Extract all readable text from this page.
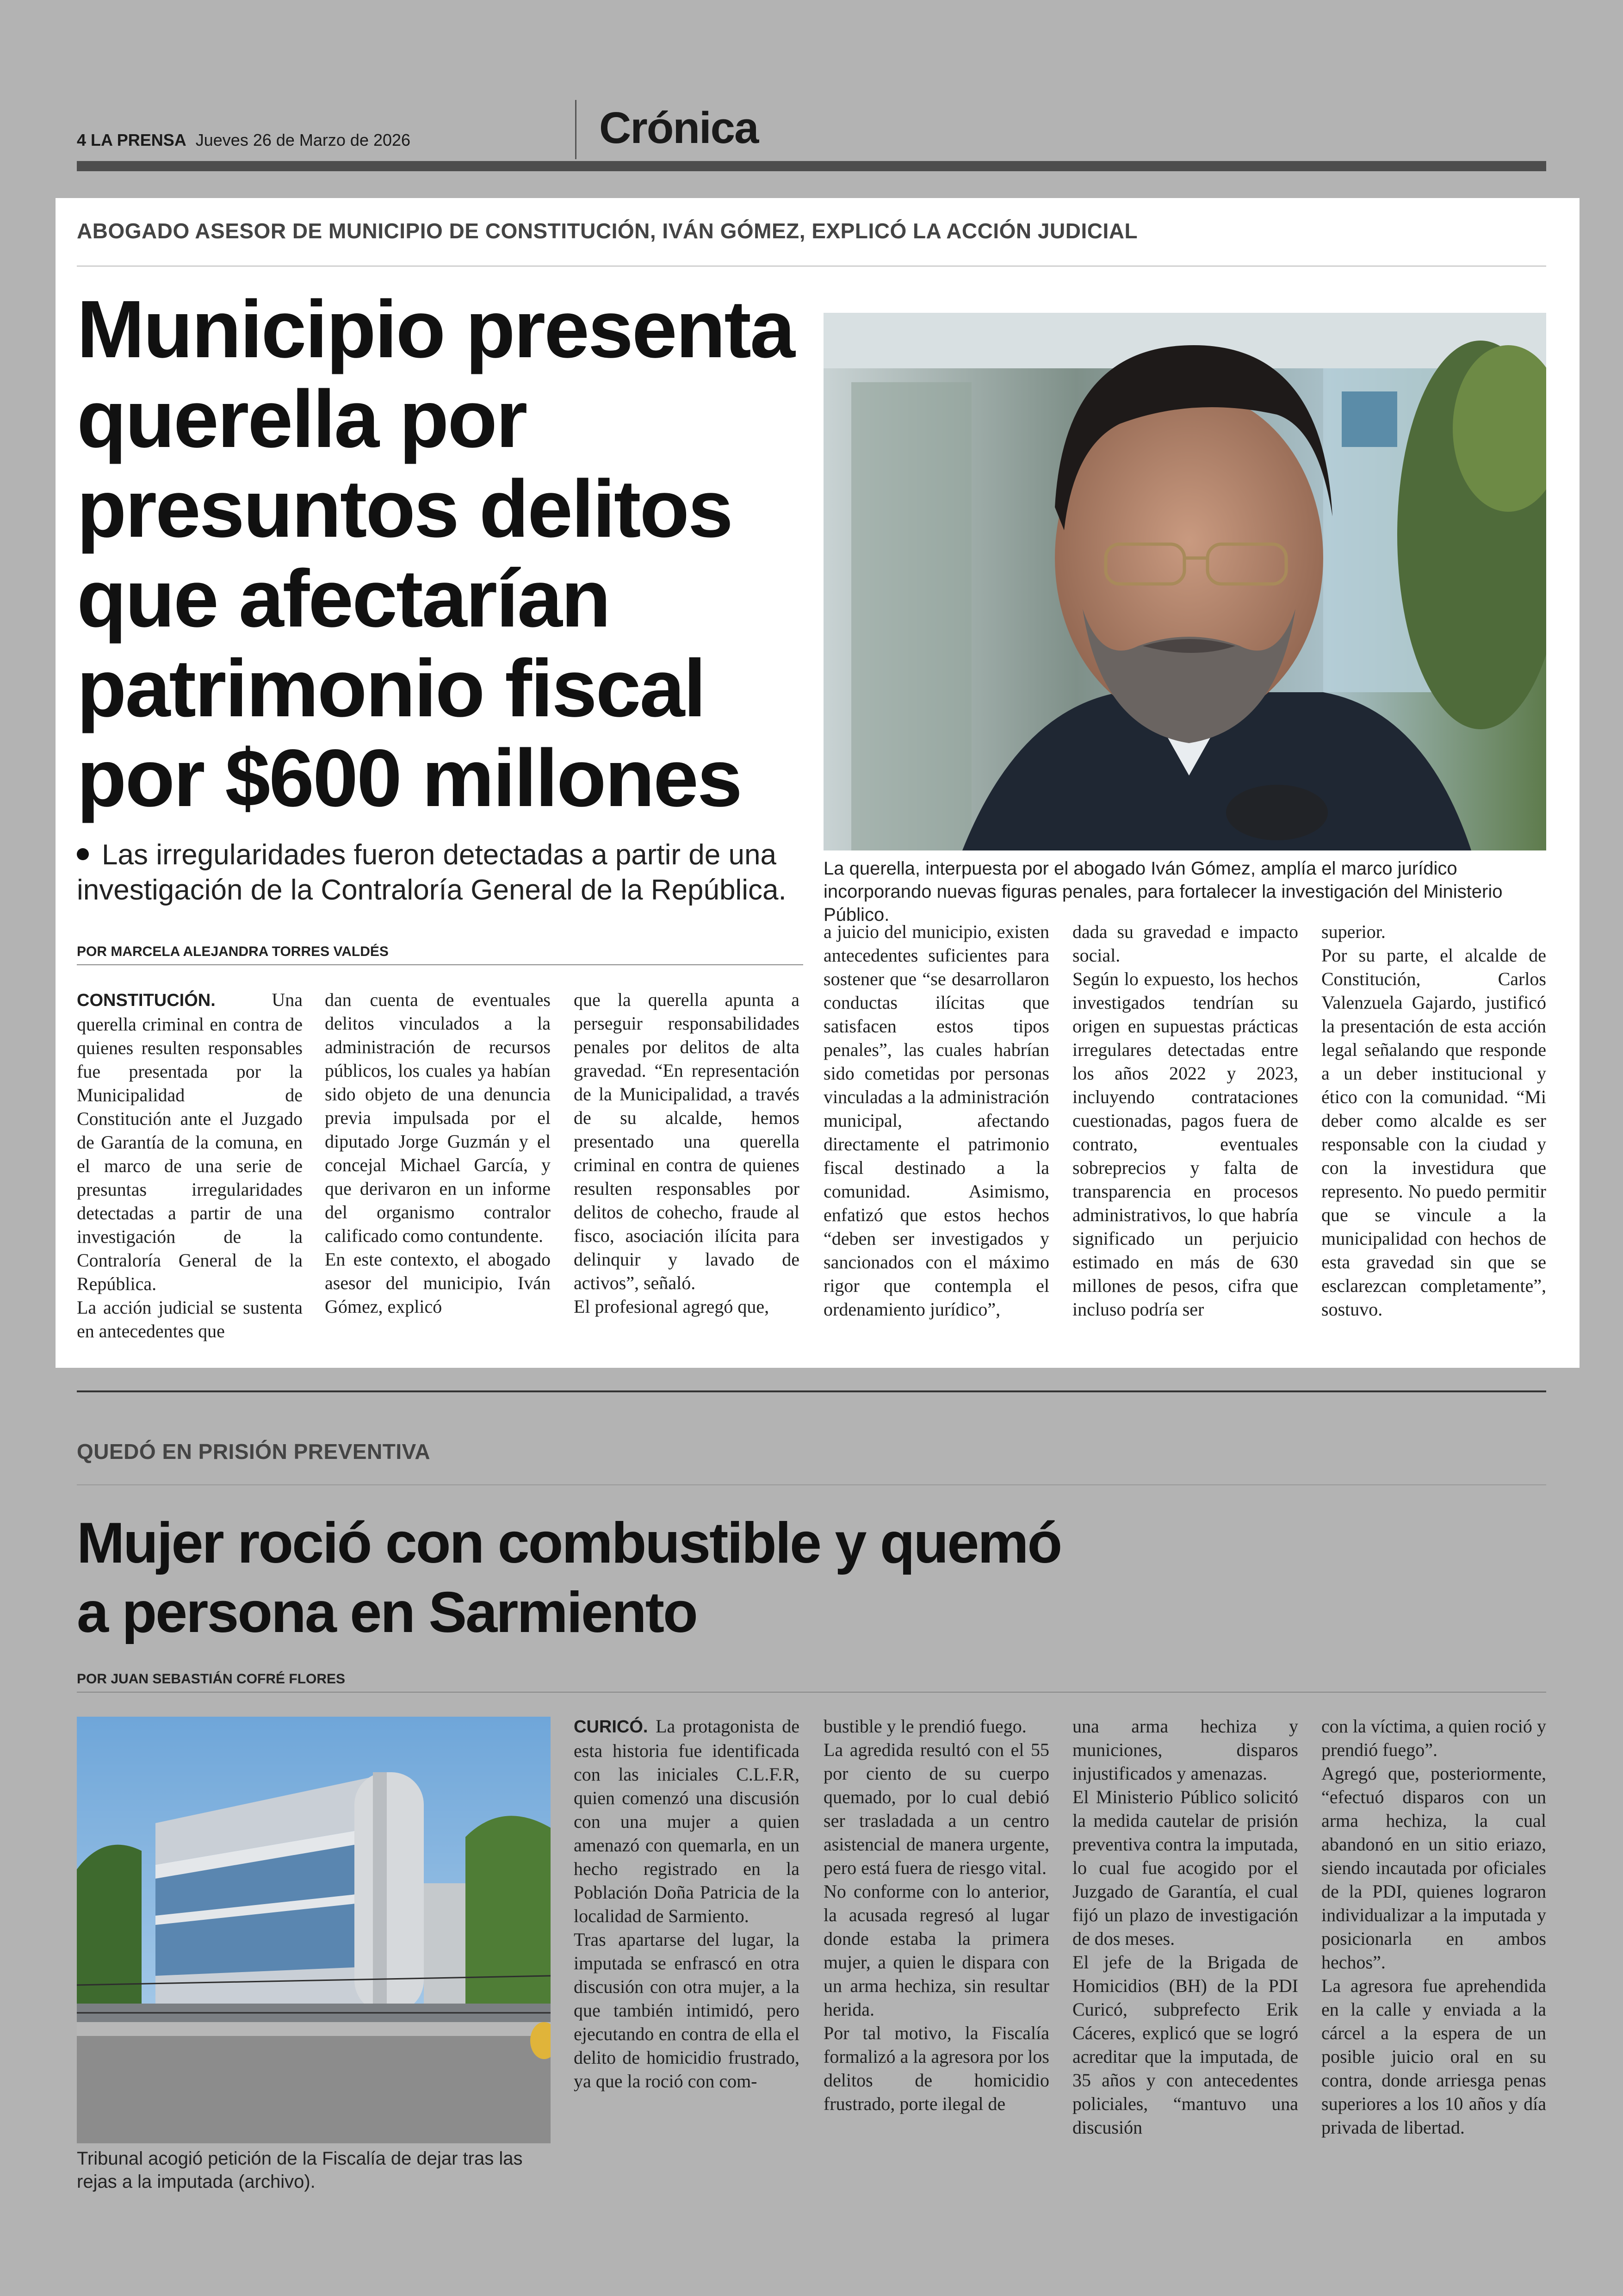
4 LA PRENSA Jueves 26 de Marzo de 2026	Crónica
ABOGADO ASESOR DE MUNICIPIO DE CONSTITUCIÓN, IVÁN GÓMEZ, EXPLICÓ LA ACCIÓN JUDICIAL
Municipio presenta querella por presuntos delitos que afectarían patrimonio fiscal por $600 millones
La querella, interpuesta por el abogado Iván Gómez, amplía el marco jurídico incorporando nuevas figuras penales, para fortalecer la investigación del Ministerio Público.
Las irregularidades fueron detectadas a partir de una investigación de la Contraloría General de la República.
POR MARCELA ALEJANDRA TORRES VALDÉS

CONSTITUCIÓN.	Una querella criminal en contra de quienes resulten responsables fue presentada por la Municipalidad de Constitución ante el Juzgado de Garantía de la comuna, en el marco de una serie de presuntas irregularidades detectadas a partir de una investigación de la Contraloría General de la República.
La acción judicial se sustenta en antecedentes que

dan cuenta de eventuales delitos vinculados a la administración de recursos públicos, los cuales ya habían sido objeto de una denuncia previa impulsada por el diputado Jorge Guzmán y el concejal Michael García, y que derivaron en un informe del organismo contralor calificado como contundente.
En este contexto, el abogado asesor del municipio, Iván Gómez, explicó
que la querella apunta a perseguir responsabilidades penales por delitos de alta gravedad. “En representación de la Municipalidad, a través de su alcalde, hemos presentado una querella criminal en contra de quienes resulten responsables por delitos de cohecho, fraude al fisco, asociación ilícita para delinquir y lavado de activos”, señaló.
El profesional agregó que,
a juicio del municipio, existen antecedentes suficientes para sostener que “se desarrollaron conductas ilícitas que satisfacen estos tipos penales”, las cuales habrían sido cometidas por personas vinculadas a la administración municipal, afectando directamente el patrimonio fiscal destinado a la comunidad. Asimismo, enfatizó que estos hechos “deben ser investigados y sancionados con el máximo rigor que contempla el ordenamiento jurídico”,
dada su gravedad e impacto social.
Según lo expuesto, los hechos investigados tendrían su origen en supuestas prácticas irregulares detectadas entre los años 2022 y 2023, incluyendo contrataciones cuestionadas, pagos fuera de contrato, eventuales sobreprecios y falta de transparencia en procesos administrativos, lo que habría significado un perjuicio estimado en más de 630 millones de pesos, cifra que incluso podría ser
superior.
Por su parte, el alcalde de Constitución, Carlos Valenzuela Gajardo, justificó la presentación de esta acción legal señalando que responde a un deber institucional y ético con la comunidad. “Mi deber como alcalde es ser responsable con la ciudad y con la investidura que represento. No puedo permitir que se vincule a la municipalidad con hechos de esta gravedad sin que se esclarezcan completamente”, sostuvo.
QUEDÓ EN PRISIÓN PREVENTIVA
Mujer roció con combustible y quemó a persona en Sarmiento
POR JUAN SEBASTIÁN COFRÉ FLORES
Tribunal acogió petición de la Fiscalía de dejar tras las rejas a la imputada (archivo).

CURICÓ. La protagonista de esta historia fue identificada con las iniciales C.L.F.R, quien comenzó una discusión con una mujer a quien amenazó con quemarla, en un hecho registrado en la Población Doña Patricia de la localidad de Sarmiento.
Tras apartarse del lugar, la imputada se enfrascó en otra discusión con otra mujer, a la que también intimidó, pero ejecutando en contra de ella el delito de homicidio frustrado, ya que la roció con com-

bustible y le prendió fuego.
La agredida resultó con el 55 por ciento de su cuerpo quemado, por lo cual debió ser trasladada a un centro asistencial de manera urgente, pero está fuera de riesgo vital.
No conforme con lo anterior, la acusada regresó al lugar donde estaba la primera mujer, a quien le dispara con un arma hechiza, sin resultar herida.
Por tal motivo, la Fiscalía formalizó a la agresora por los delitos de homicidio frustrado, porte ilegal de
una arma hechiza y municiones, disparos injustificados y amenazas.
El Ministerio Público solicitó la medida cautelar de prisión preventiva contra la imputada, lo cual fue acogido por el Juzgado de Garantía, el cual fijó un plazo de investigación de dos meses.
El jefe de la Brigada de Homicidios (BH) de la PDI Curicó, subprefecto Erik Cáceres, explicó que se logró acreditar que la imputada, de 35 años y con antecedentes policiales, “mantuvo una discusión
con la víctima, a quien roció y prendió fuego”.
Agregó que, posteriormente, “efectuó disparos con un arma hechiza, la cual abandonó en un sitio eriazo, siendo incautada por oficiales de la PDI, quienes lograron individualizar a la imputada y posicionarla en ambos hechos”.
La agresora fue aprehendida en la calle y enviada a la cárcel a la espera de un posible juicio oral en su contra, donde arriesga penas superiores a los 10 años y día privada de libertad.
